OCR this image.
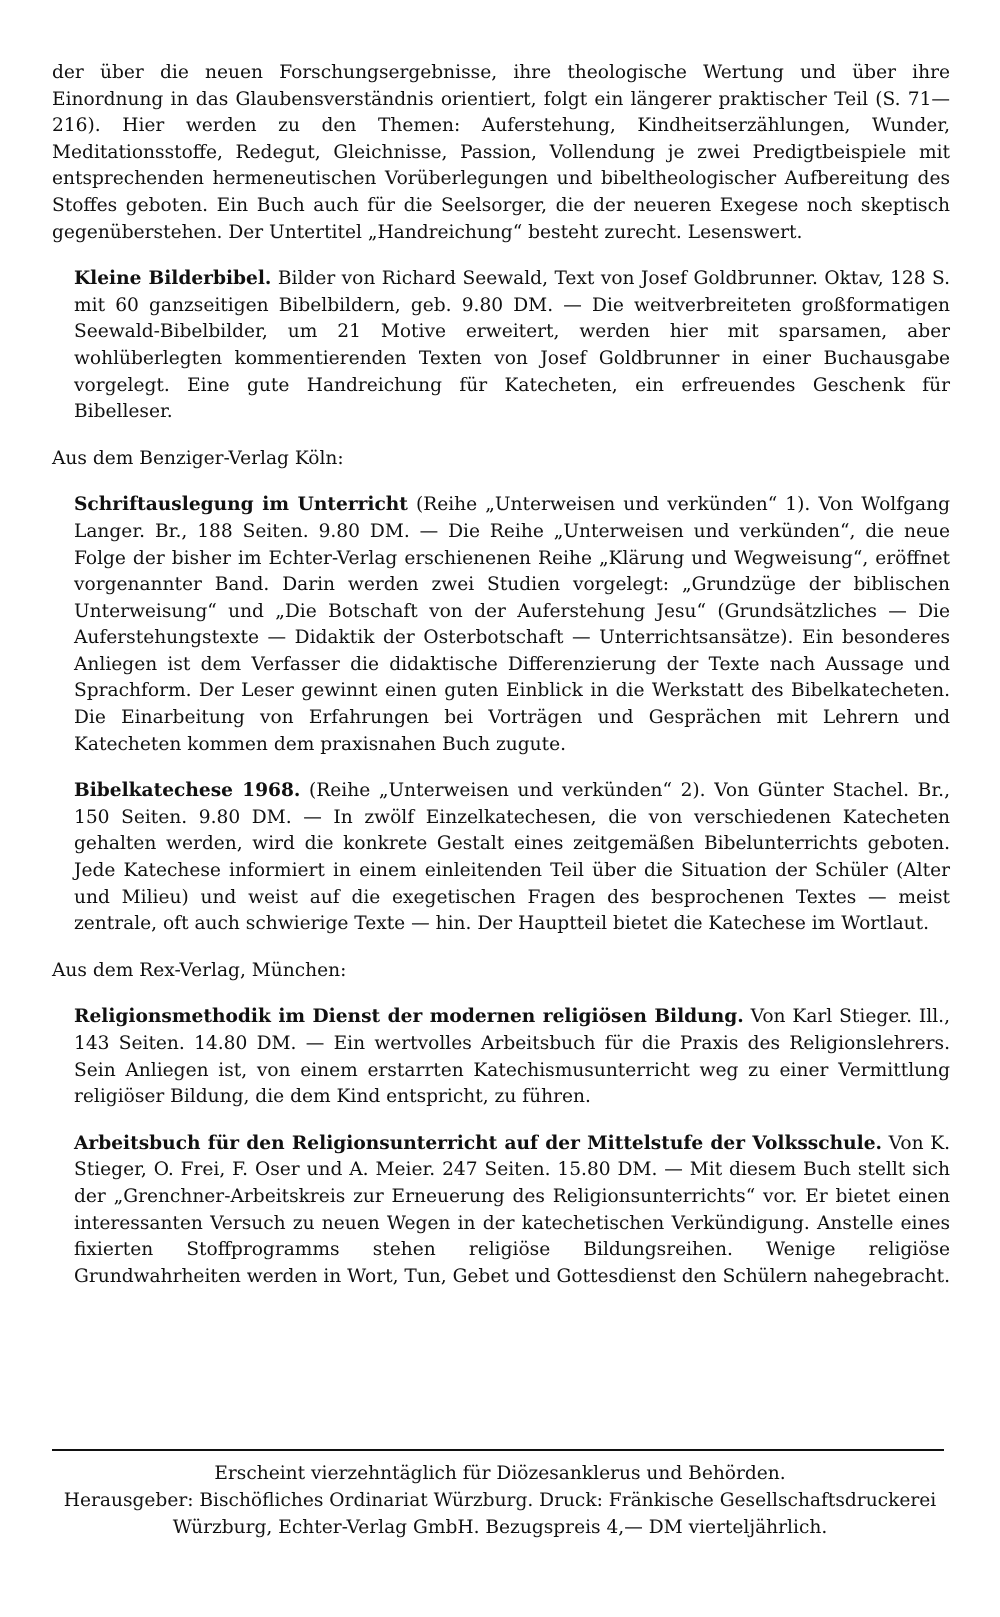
der über die neuen Forschungsergebnisse, ihre theologische Wertung und über ihre Einordnung in das Glaubensverständnis orientiert, folgt ein längerer praktischer Teil (S. 71—216). Hier werden zu den Themen: Auferstehung, Kindheitserzählungen, Wunder, Meditationsstoffe, Redegut, Gleichnisse, Passion, Vollendung je zwei Predigtbeispiele mit entsprechenden hermeneutischen Vorüberlegungen und bibeltheologischer Aufbereitung des Stoffes geboten. Ein Buch auch für die Seelsorger, die der neueren Exegese noch skeptisch gegenüberstehen. Der Untertitel „Handreichung“ besteht zurecht. Lesenswert.

Kleine Bilderbibel. Bilder von Richard Seewald, Text von Josef Goldbrunner. Oktav, 128 S. mit 60 ganzseitigen Bibelbildern, geb. 9.80 DM. — Die weitverbreiteten großformatigen Seewald-Bibelbilder, um 21 Motive erweitert, werden hier mit sparsamen, aber wohlüberlegten kommentierenden Texten von Josef Goldbrunner in einer Buchausgabe vorgelegt. Eine gute Handreichung für Katecheten, ein erfreuendes Geschenk für Bibelleser.

Aus dem Benziger-Verlag Köln:

Schriftauslegung im Unterricht (Reihe „Unterweisen und verkünden“ 1). Von Wolfgang Langer. Br., 188 Seiten. 9.80 DM. — Die Reihe „Unterweisen und verkünden“, die neue Folge der bisher im Echter-Verlag erschienenen Reihe „Klärung und Wegweisung“, eröffnet vorgenannter Band. Darin werden zwei Studien vorgelegt: „Grundzüge der biblischen Unterweisung“ und „Die Botschaft von der Auferstehung Jesu“ (Grundsätzliches — Die Auferstehungstexte — Didaktik der Osterbotschaft — Unterrichtsansätze). Ein besonderes Anliegen ist dem Verfasser die didaktische Differenzierung der Texte nach Aussage und Sprachform. Der Leser gewinnt einen guten Einblick in die Werkstatt des Bibelkatecheten. Die Einarbeitung von Erfahrungen bei Vorträgen und Gesprächen mit Lehrern und Katecheten kommen dem praxisnahen Buch zugute.

Bibelkatechese 1968. (Reihe „Unterweisen und verkünden“ 2). Von Günter Stachel. Br., 150 Seiten. 9.80 DM. — In zwölf Einzelkatechesen, die von verschiedenen Katecheten gehalten werden, wird die konkrete Gestalt eines zeitgemäßen Bibelunterrichts geboten. Jede Katechese informiert in einem einleitenden Teil über die Situation der Schüler (Alter und Milieu) und weist auf die exegetischen Fragen des besprochenen Textes — meist zentrale, oft auch schwierige Texte — hin. Der Hauptteil bietet die Katechese im Wortlaut.

Aus dem Rex-Verlag, München:

Religionsmethodik im Dienst der modernen religiösen Bildung. Von Karl Stieger. Ill., 143 Seiten. 14.80 DM. — Ein wertvolles Arbeitsbuch für die Praxis des Religionslehrers. Sein Anliegen ist, von einem erstarrten Katechismusunterricht weg zu einer Vermittlung religiöser Bildung, die dem Kind entspricht, zu führen.

Arbeitsbuch für den Religionsunterricht auf der Mittelstufe der Volksschule. Von K. Stieger, O. Frei, F. Oser und A. Meier. 247 Seiten. 15.80 DM. — Mit diesem Buch stellt sich der „Grenchner-Arbeitskreis zur Erneuerung des Religionsunterrichts“ vor. Er bietet einen interessanten Versuch zu neuen Wegen in der katechetischen Verkündigung. Anstelle eines fixierten Stoffprogramms stehen religiöse Bildungsreihen. Wenige religiöse Grundwahrheiten werden in Wort, Tun, Gebet und Gottesdienst den Schülern nahegebracht.

Erscheint vierzehntäglich für Diözesanklerus und Behörden.
Herausgeber: Bischöfliches Ordinariat Würzburg. Druck: Fränkische Gesellschaftsdruckerei Würzburg, Echter-Verlag GmbH. Bezugspreis 4,— DM vierteljährlich.
